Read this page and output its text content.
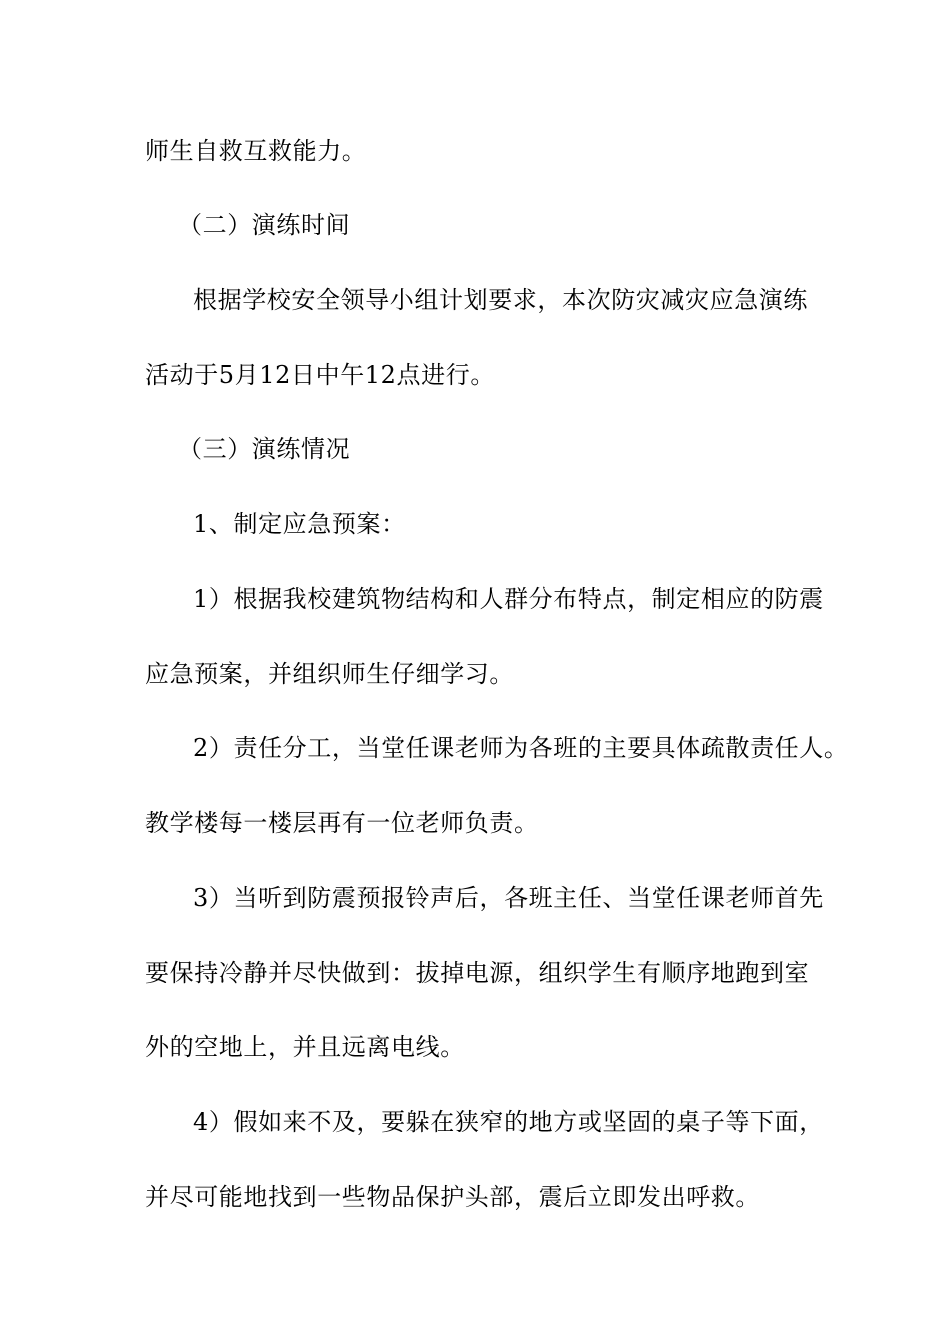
师生自救互救能力。
（二）演练时间
根据学校安全领导小组计划要求，本次防灾减灾应急演练
活动于5月12日中午12点进行。
（三）演练情况
1、制定应急预案：
1）根据我校建筑物结构和人群分布特点，制定相应的防震
应急预案，并组织师生仔细学习。
2）责任分工，当堂任课老师为各班的主要具体疏散责任人。
教学楼每一楼层再有一位老师负责。
3）当听到防震预报铃声后，各班主任、当堂任课老师首先
要保持冷静并尽快做到：拔掉电源，组织学生有顺序地跑到室
外的空地上，并且远离电线。
4）假如来不及，要躲在狭窄的地方或坚固的桌子等下面，
并尽可能地找到一些物品保护头部，震后立即发出呼救。
